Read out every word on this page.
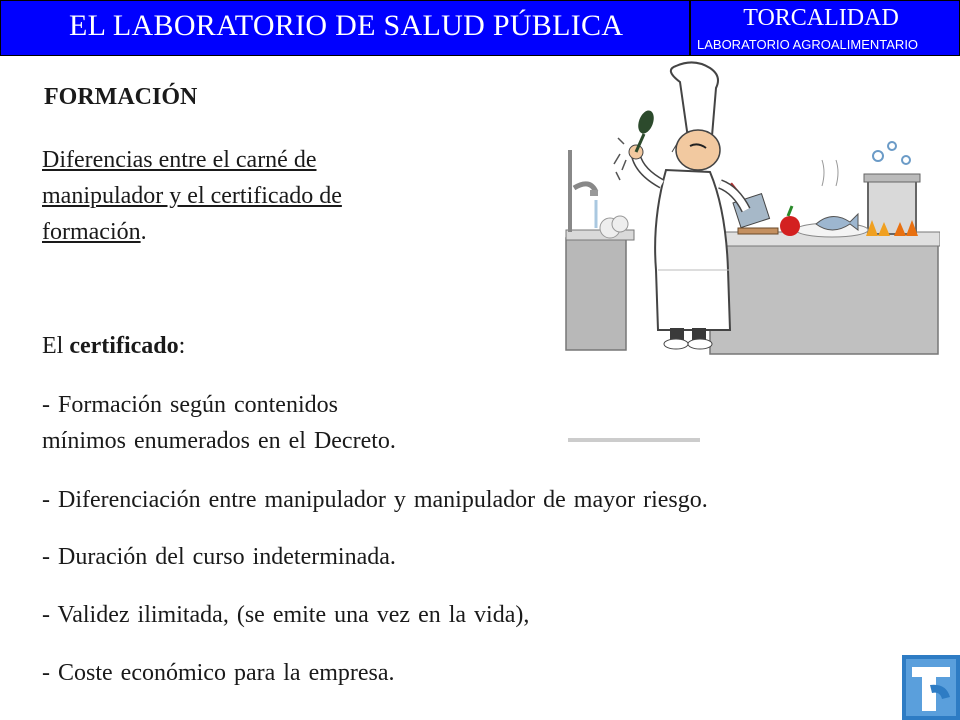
EL LABORATORIO DE SALUD PÚBLICA	TORCALIDAD
LABORATORIO AGROALIMENTARIO
FORMACIÓN
Diferencias entre el carné de manipulador y el certificado de formación.
El certificado:
- Formación según contenidos
mínimos enumerados en el Decreto.
- Diferenciación entre manipulador y manipulador de mayor riesgo.
- Duración del curso indeterminada.
- Validez ilimitada, (se emite una vez en la vida),
- Coste económico para la empresa.
